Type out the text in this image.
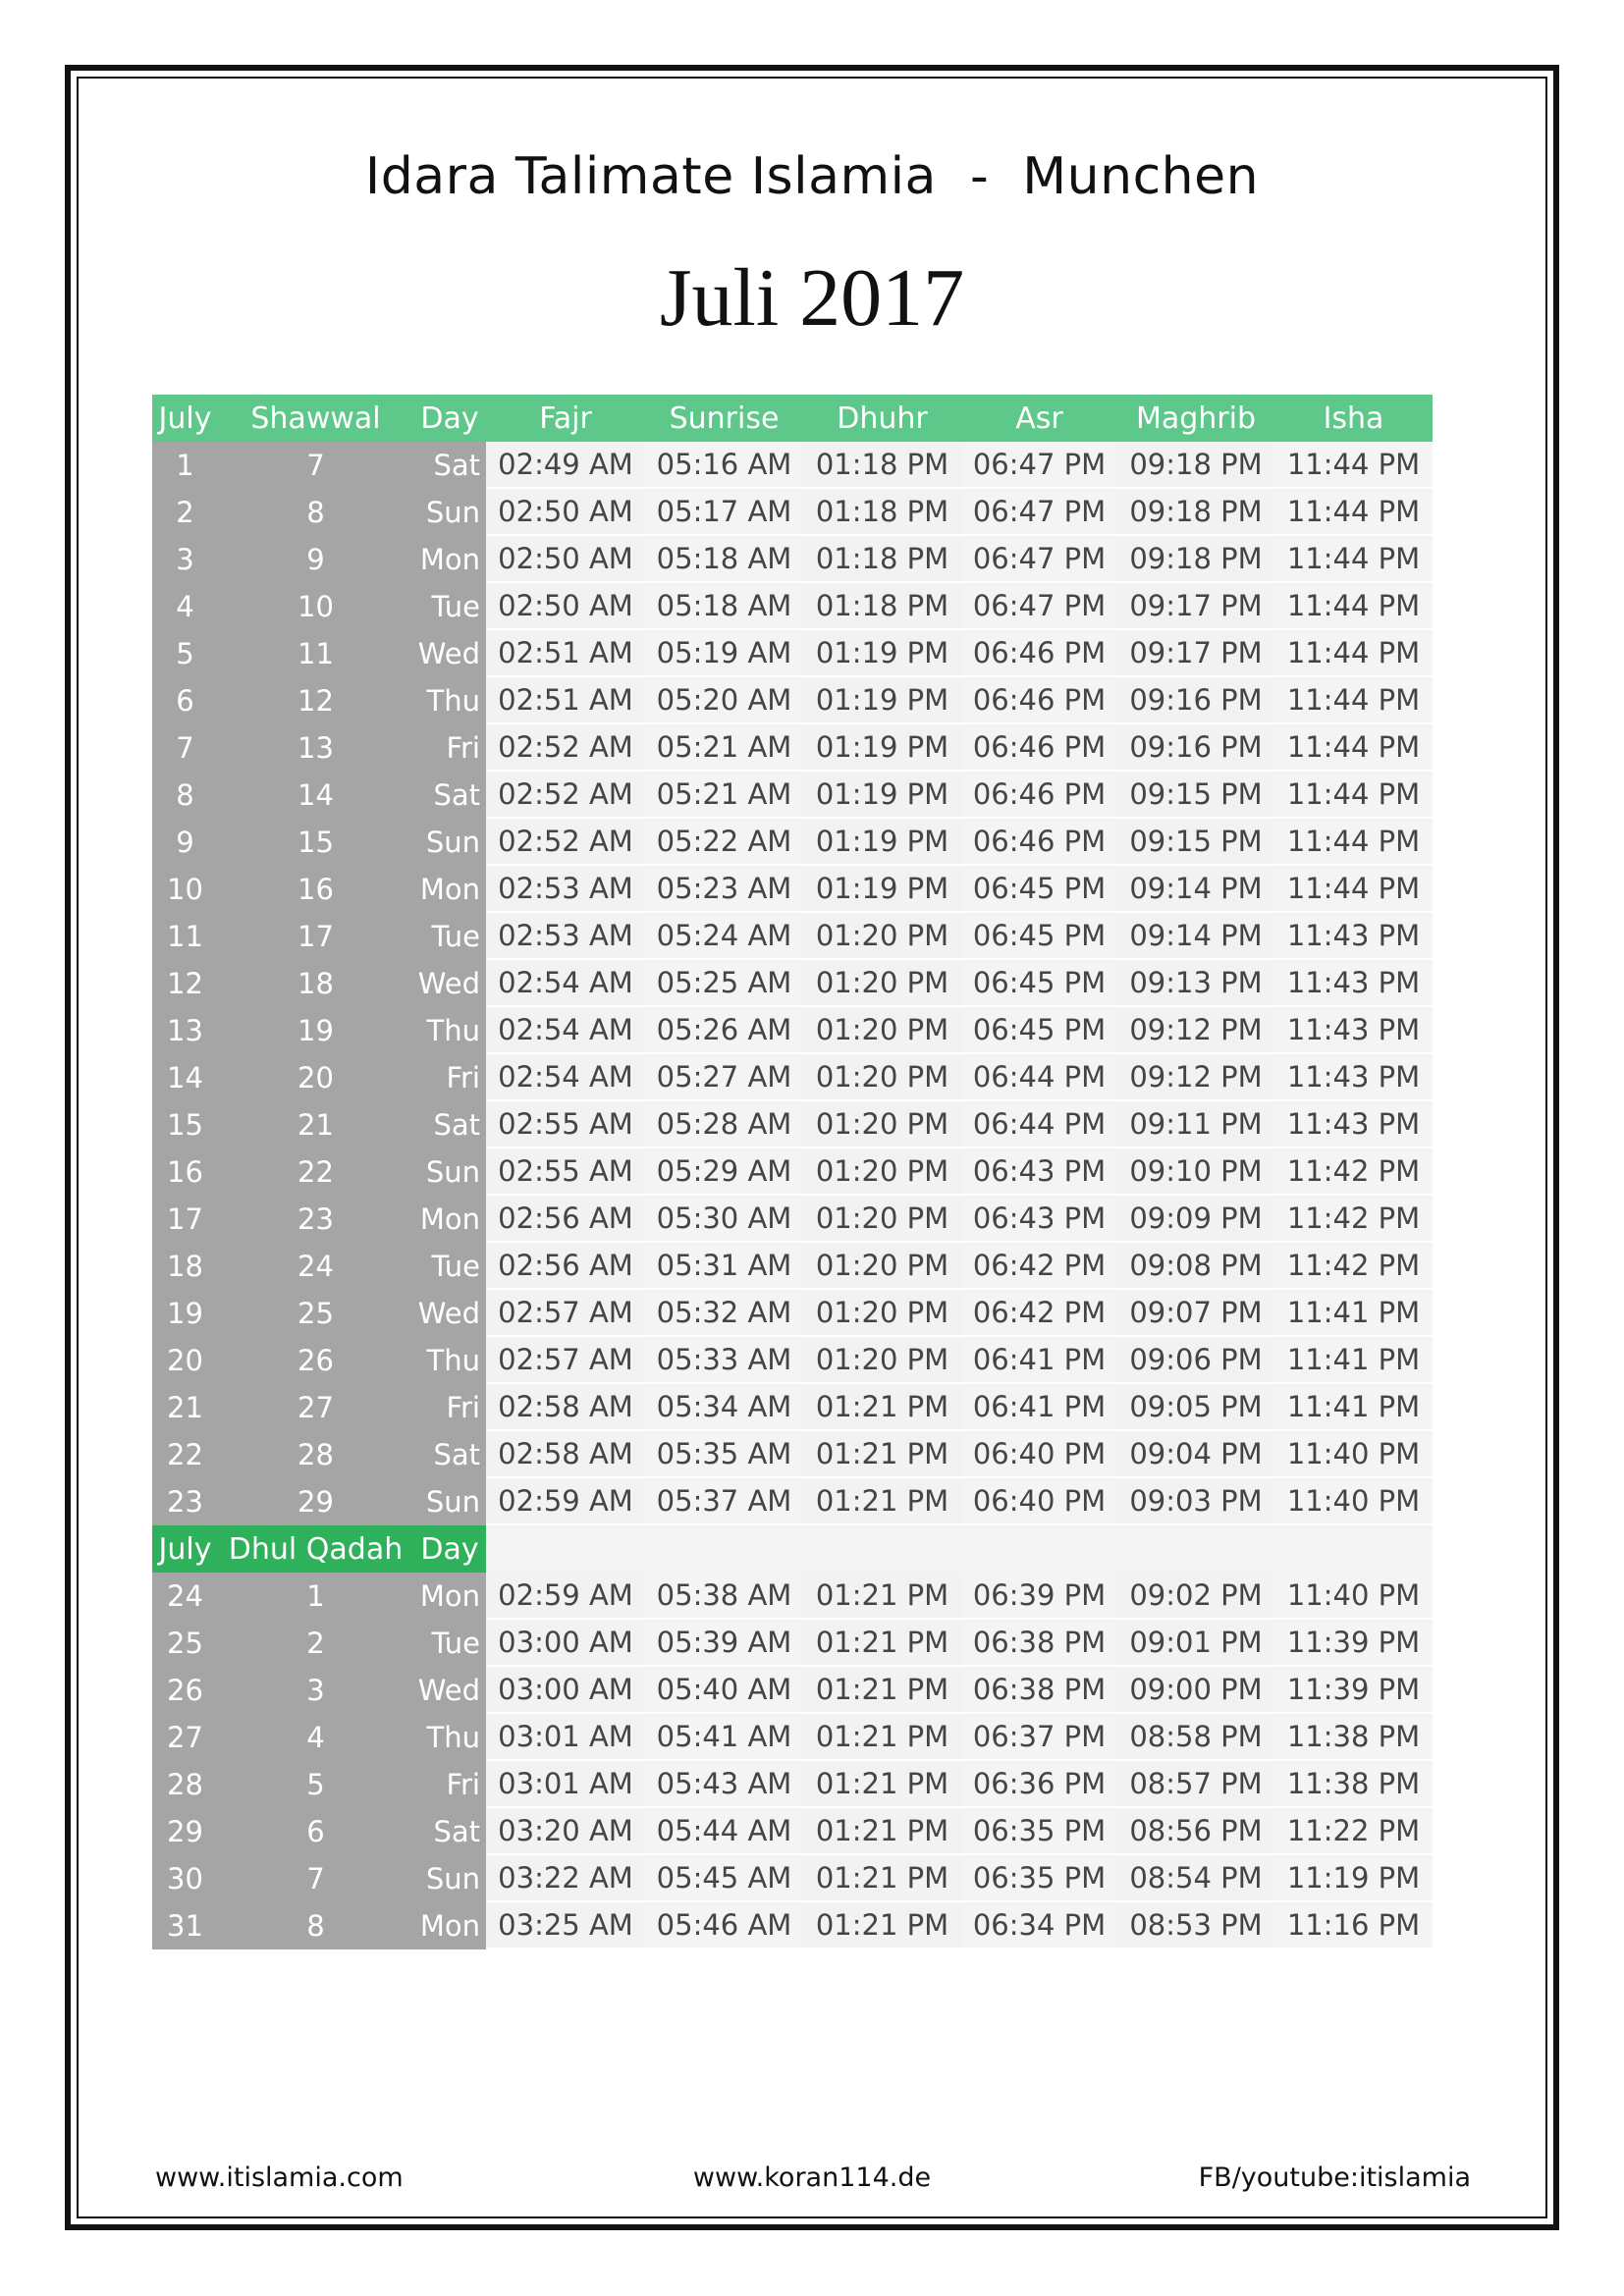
Idara Talimate Islamia  -  Munchen
Juli 2017
July	Shawwal	Day	Fajr	Sunrise	Dhuhr	Asr	Maghrib	Isha
1	7	Sat 02:49 AM 05:16 AM 01:18 PM 06:47 PM 09:18 PM 11:44 PM
2	8	Sun 02:50 AM 05:17 AM 01:18 PM 06:47 PM 09:18 PM 11:44 PM
3	9	Mon 02:50 AM 05:18 AM 01:18 PM 06:47 PM 09:18 PM 11:44 PM
4	10	Tue 02:50 AM 05:18 AM 01:18 PM 06:47 PM 09:17 PM 11:44 PM
5	11	Wed 02:51 AM 05:19 AM 01:19 PM 06:46 PM 09:17 PM 11:44 PM
6	12	Thu 02:51 AM 05:20 AM 01:19 PM 06:46 PM 09:16 PM 11:44 PM
7	13	Fri 02:52 AM 05:21 AM 01:19 PM 06:46 PM 09:16 PM 11:44 PM
8	14	Sat 02:52 AM 05:21 AM 01:19 PM 06:46 PM 09:15 PM 11:44 PM
9	15	Sun 02:52 AM 05:22 AM 01:19 PM 06:46 PM 09:15 PM 11:44 PM
10	16	Mon 02:53 AM 05:23 AM 01:19 PM 06:45 PM 09:14 PM 11:44 PM
11	17	Tue 02:53 AM 05:24 AM 01:20 PM 06:45 PM 09:14 PM 11:43 PM
12	18	Wed 02:54 AM 05:25 AM 01:20 PM 06:45 PM 09:13 PM 11:43 PM
13	19	Thu 02:54 AM 05:26 AM 01:20 PM 06:45 PM 09:12 PM 11:43 PM
14	20	Fri 02:54 AM 05:27 AM 01:20 PM 06:44 PM 09:12 PM 11:43 PM
15	21	Sat 02:55 AM 05:28 AM 01:20 PM 06:44 PM 09:11 PM 11:43 PM
16	22	Sun 02:55 AM 05:29 AM 01:20 PM 06:43 PM 09:10 PM 11:42 PM
17	23	Mon 02:56 AM 05:30 AM 01:20 PM 06:43 PM 09:09 PM 11:42 PM
18	24	Tue 02:56 AM 05:31 AM 01:20 PM 06:42 PM 09:08 PM 11:42 PM
19	25	Wed 02:57 AM 05:32 AM 01:20 PM 06:42 PM 09:07 PM 11:41 PM
20	26	Thu 02:57 AM 05:33 AM 01:20 PM 06:41 PM 09:06 PM 11:41 PM
21	27	Fri 02:58 AM 05:34 AM 01:21 PM 06:41 PM 09:05 PM 11:41 PM
22	28	Sat 02:58 AM 05:35 AM 01:21 PM 06:40 PM 09:04 PM 11:40 PM
23	29	Sun 02:59 AM 05:37 AM 01:21 PM 06:40 PM 09:03 PM 11:40 PM
July Dhul Qadah Day
24	1	Mon 02:59 AM 05:38 AM 01:21 PM 06:39 PM 09:02 PM 11:40 PM
25	2	Tue 03:00 AM 05:39 AM 01:21 PM 06:38 PM 09:01 PM 11:39 PM
26	3	Wed 03:00 AM 05:40 AM 01:21 PM 06:38 PM 09:00 PM 11:39 PM
27	4	Thu 03:01 AM 05:41 AM 01:21 PM 06:37 PM 08:58 PM 11:38 PM
28	5	Fri 03:01 AM 05:43 AM 01:21 PM 06:36 PM 08:57 PM 11:38 PM
29	6	Sat 03:20 AM 05:44 AM 01:21 PM 06:35 PM 08:56 PM 11:22 PM
30	7	Sun 03:22 AM 05:45 AM 01:21 PM 06:35 PM 08:54 PM 11:19 PM
31	8	Mon 03:25 AM 05:46 AM 01:21 PM 06:34 PM 08:53 PM 11:16 PM
www.itislamia.com	www.koran114.de	FB/youtube:itislamia
